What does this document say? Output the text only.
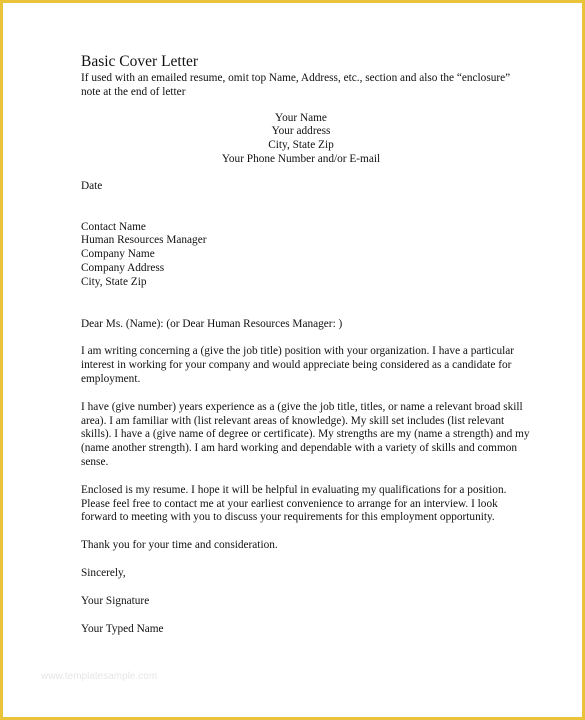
Basic Cover Letter

If used with an emailed resume, omit top Name, Address, etc., section and also the “enclosure” note at the end of letter

Your Name
Your address
City, State Zip
Your Phone Number and/or E-mail

Date

Contact Name
Human Resources Manager
Company Name
Company Address
City, State Zip

Dear Ms. (Name): (or Dear Human Resources Manager: )

I am writing concerning a (give the job title) position with your organization. I have a particular interest in working for your company and would appreciate being considered as a candidate for employment.

I have (give number) years experience as a (give the job title, titles, or name a relevant broad skill area). I am familiar with (list relevant areas of knowledge). My skill set includes (list relevant skills). I have a (give name of degree or certificate). My strengths are my (name a strength) and my (name another strength). I am hard working and dependable with a variety of skills and common sense.

Enclosed is my resume. I hope it will be helpful in evaluating my qualifications for a position. Please feel free to contact me at your earliest convenience to arrange for an interview. I look forward to meeting with you to discuss your requirements for this employment opportunity.

Thank you for your time and consideration.

Sincerely,

Your Signature

Your Typed Name

www.templatesample.com
